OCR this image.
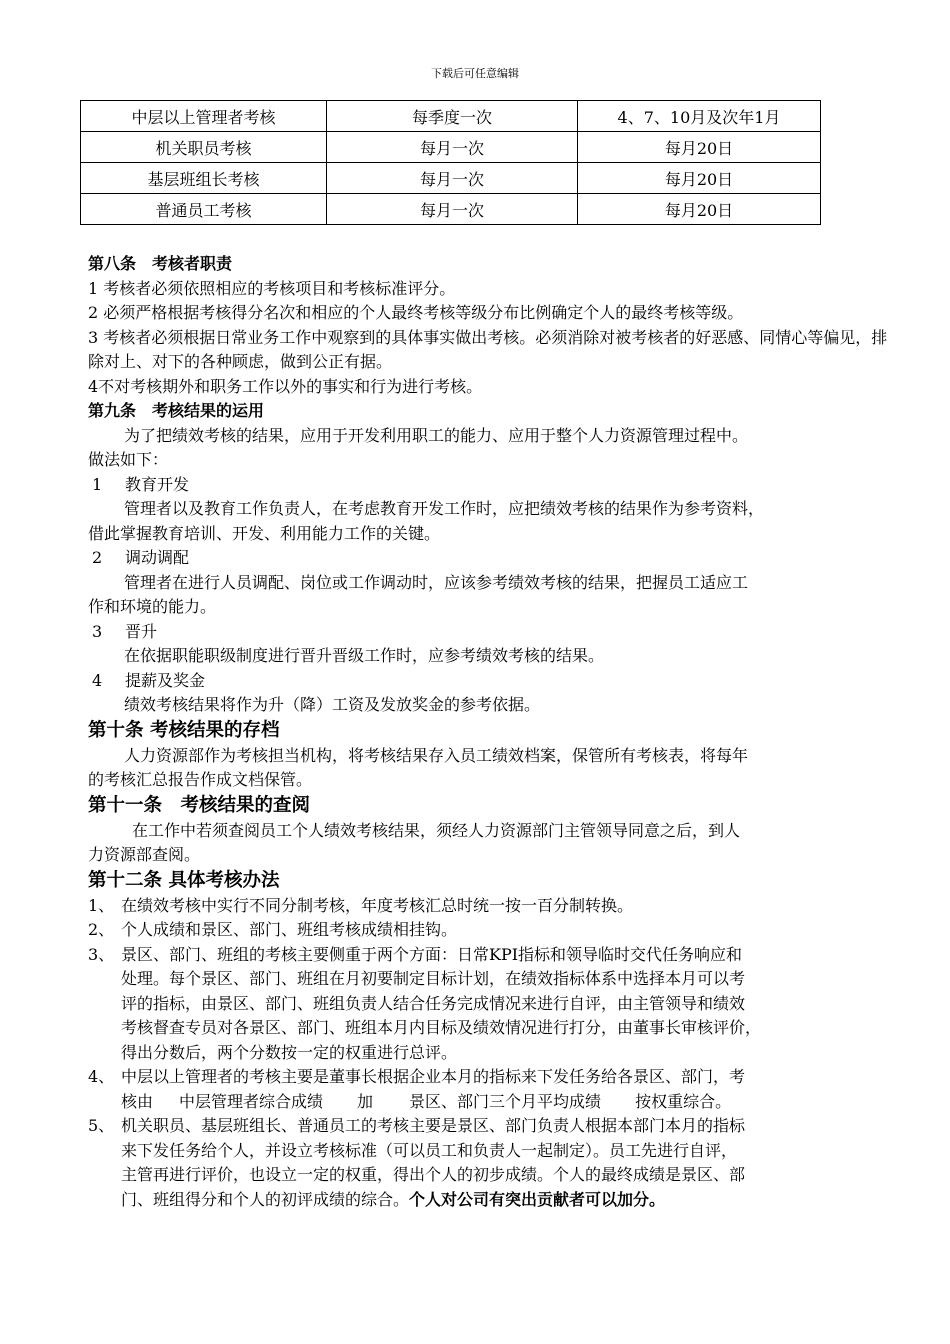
下载后可任意编辑
中层以上管理者考核	每季度一次	4、7、10月及次年1月
机关职员考核	每月一次	每月20日
基层班组长考核	每月一次	每月20日
普通员工考核	每月一次	每月20日
第八条　考核者职责
1 考核者必须依照相应的考核项目和考核标准评分。
2 必须严格根据考核得分名次和相应的个人最终考核等级分布比例确定个人的最终考核等级。
3 考核者必须根据日常业务工作中观察到的具体事实做出考核。必须消除对被考核者的好恶感、同情心等偏见，排除对上、对下的各种顾虑，做到公正有据。
4不对考核期外和职务工作以外的事实和行为进行考核。
第九条　考核结果的运用
为了把绩效考核的结果，应用于开发利用职工的能力、应用于整个人力资源管理过程中。
做法如下：
1 教育开发
管理者以及教育工作负责人，在考虑教育开发工作时，应把绩效考核的结果作为参考资料，
借此掌握教育培训、开发、利用能力工作的关键。
2 调动调配
管理者在进行人员调配、岗位或工作调动时，应该参考绩效考核的结果，把握员工适应工
作和环境的能力。
3 晋升
在依据职能职级制度进行晋升晋级工作时，应参考绩效考核的结果。
4 提薪及奖金
绩效考核结果将作为升（降）工资及发放奖金的参考依据。
第十条 考核结果的存档
人力资源部作为考核担当机构，将考核结果存入员工绩效档案，保管所有考核表，将每年
的考核汇总报告作成文档保管。
第十一条　考核结果的查阅
在工作中若须查阅员工个人绩效考核结果，须经人力资源部门主管领导同意之后，到人
力资源部查阅。
第十二条 具体考核办法
1、 在绩效考核中实行不同分制考核，年度考核汇总时统一按一百分制转换。
2、 个人成绩和景区、部门、班组考核成绩相挂钩。
3、 景区、部门、班组的考核主要侧重于两个方面：日常KPI指标和领导临时交代任务响应和
处理。每个景区、部门、班组在月初要制定目标计划，在绩效指标体系中选择本月可以考
评的指标，由景区、部门、班组负责人结合任务完成情况来进行自评，由主管领导和绩效
考核督查专员对各景区、部门、班组本月内目标及绩效情况进行打分，由董事长审核评价，
得出分数后，两个分数按一定的权重进行总评。
4、 中层以上管理者的考核主要是董事长根据企业本月的指标来下发任务给各景区、部门，考
核由 中层管理者综合成绩 加 景区、部门三个月平均成绩 按权重综合。
5、 机关职员、基层班组长、普通员工的考核主要是景区、部门负责人根据本部门本月的指标
来下发任务给个人，并设立考核标准（可以员工和负责人一起制定）。员工先进行自评，
主管再进行评价，也设立一定的权重，得出个人的初步成绩。个人的最终成绩是景区、部
门、班组得分和个人的初评成绩的综合。个人对公司有突出贡献者可以加分。
